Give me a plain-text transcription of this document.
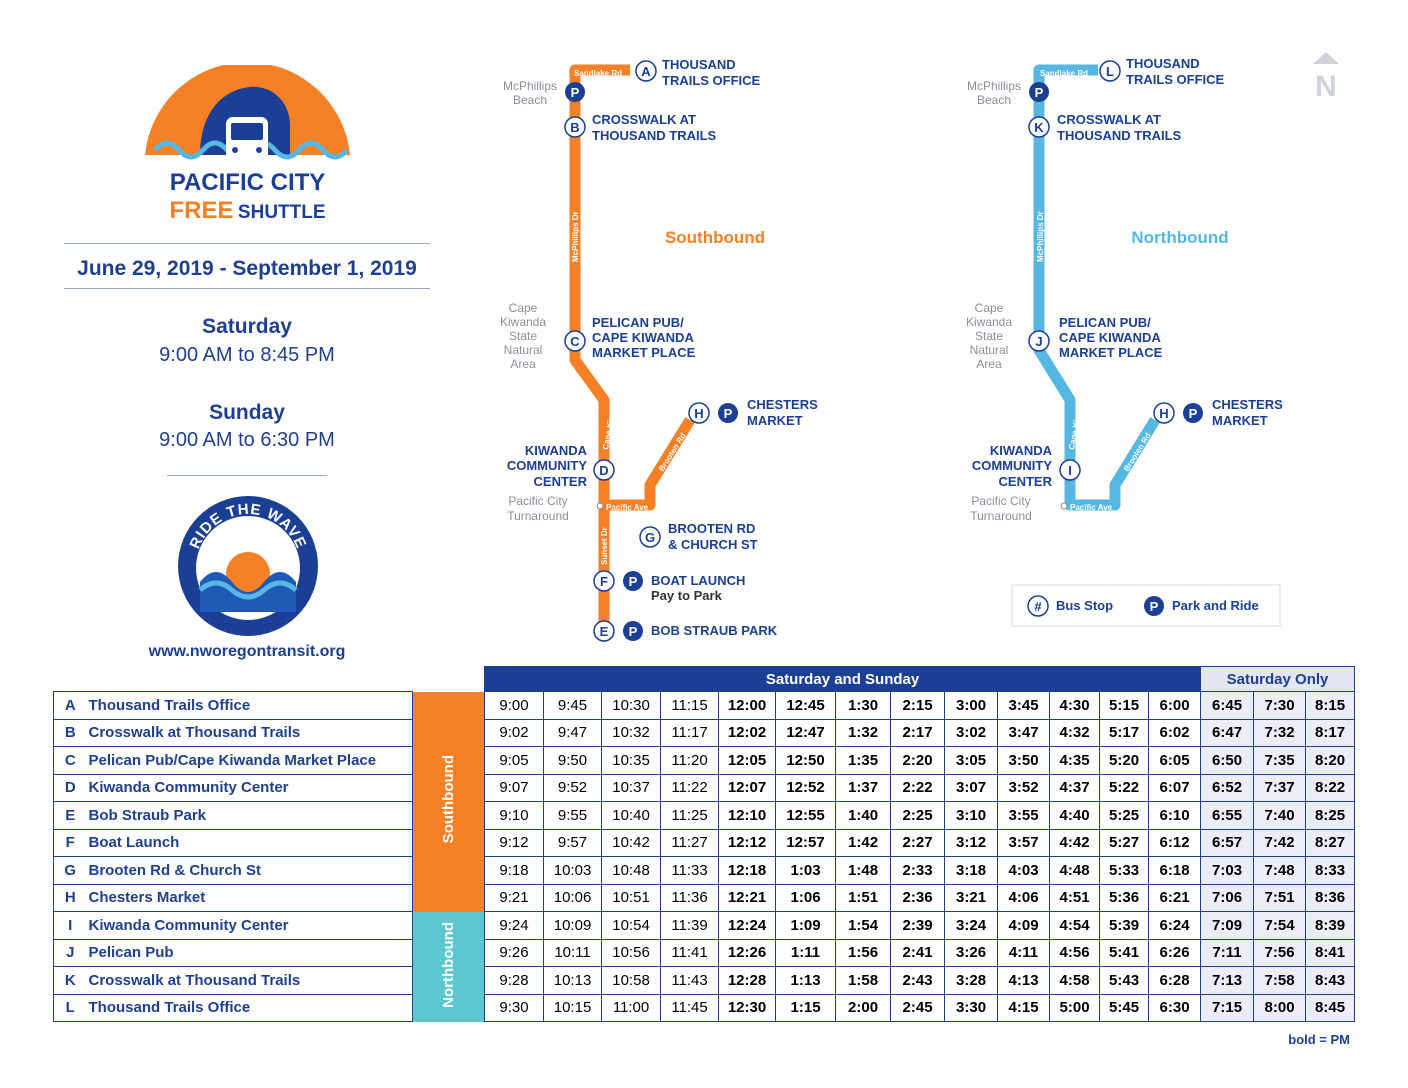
PACIFIC CITY
FREE SHUTTLE
June 29, 2019 - September 1, 2019
Saturday
9:00 AM to 8:45 PM
Sunday
9:00 AM to 6:30 PM
RIDE THE WAVE
www.nworegontransit.org
Sandlake Rd
McPhillips Dr
Cape Kiwanda Dr
Brooten Rd
Pacific Ave
Sunset Dr
Sandlake Rd
McPhillips Dr
Cape Kiwanda Dr
Brooten Rd
Pacific Ave
Southbound	Northbound
McPhillips
Beach
Cape
Kiwanda
State
Natural
Area
Pacific City
Turnaround
McPhillips
Beach
Cape
Kiwanda
State
Natural
Area
Pacific City
Turnaround
A THOUSAND
TRAILS OFFICE
P
B
CROSSWALK AT
THOUSAND TRAILS
C
PELICAN PUB/
CAPE KIWANDA
MARKET PLACE
H P
CHESTERS
MARKET
D
KIWANDA
COMMUNITY
CENTER
G
BROOTEN RD
& CHURCH ST
F P BOAT LAUNCH
Pay to Park
E P BOB STRAUB PARK
L
THOUSAND
TRAILS OFFICE
P
K
CROSSWALK AT
THOUSAND TRAILS
J
PELICAN PUB/
CAPE KIWANDA
MARKET PLACE
H P
CHESTERS
MARKET
I
KIWANDA
COMMUNITY
CENTER
N
# Bus Stop	P Park and Ride
			Saturday and Sunday													Saturday Only		
A	Thousand Trails Office	Southbound	9:00	9:45	10:30	11:15	12:00	12:45	1:30	2:15	3:00	3:45	4:30	5:15	6:00	6:45	7:30	8:15
B	Crosswalk at Thousand Trails		9:02	9:47	10:32	11:17	12:02	12:47	1:32	2:17	3:02	3:47	4:32	5:17	6:02	6:47	7:32	8:17
C	Pelican Pub/Cape Kiwanda Market Place		9:05	9:50	10:35	11:20	12:05	12:50	1:35	2:20	3:05	3:50	4:35	5:20	6:05	6:50	7:35	8:20
D	Kiwanda Community Center		9:07	9:52	10:37	11:22	12:07	12:52	1:37	2:22	3:07	3:52	4:37	5:22	6:07	6:52	7:37	8:22
E	Bob Straub Park		9:10	9:55	10:40	11:25	12:10	12:55	1:40	2:25	3:10	3:55	4:40	5:25	6:10	6:55	7:40	8:25
F	Boat Launch		9:12	9:57	10:42	11:27	12:12	12:57	1:42	2:27	3:12	3:57	4:42	5:27	6:12	6:57	7:42	8:27
G	Brooten Rd & Church St		9:18	10:03	10:48	11:33	12:18	1:03	1:48	2:33	3:18	4:03	4:48	5:33	6:18	7:03	7:48	8:33
H	Chesters Market		9:21	10:06	10:51	11:36	12:21	1:06	1:51	2:36	3:21	4:06	4:51	5:36	6:21	7:06	7:51	8:36
I	Kiwanda Community Center	Northbound	9:24	10:09	10:54	11:39	12:24	1:09	1:54	2:39	3:24	4:09	4:54	5:39	6:24	7:09	7:54	8:39
J	Pelican Pub		9:26	10:11	10:56	11:41	12:26	1:11	1:56	2:41	3:26	4:11	4:56	5:41	6:26	7:11	7:56	8:41
K	Crosswalk at Thousand Trails		9:28	10:13	10:58	11:43	12:28	1:13	1:58	2:43	3:28	4:13	4:58	5:43	6:28	7:13	7:58	8:43
L	Thousand Trails Office		9:30	10:15	11:00	11:45	12:30	1:15	2:00	2:45	3:30	4:15	5:00	5:45	6:30	7:15	8:00	8:45
bold = PM
